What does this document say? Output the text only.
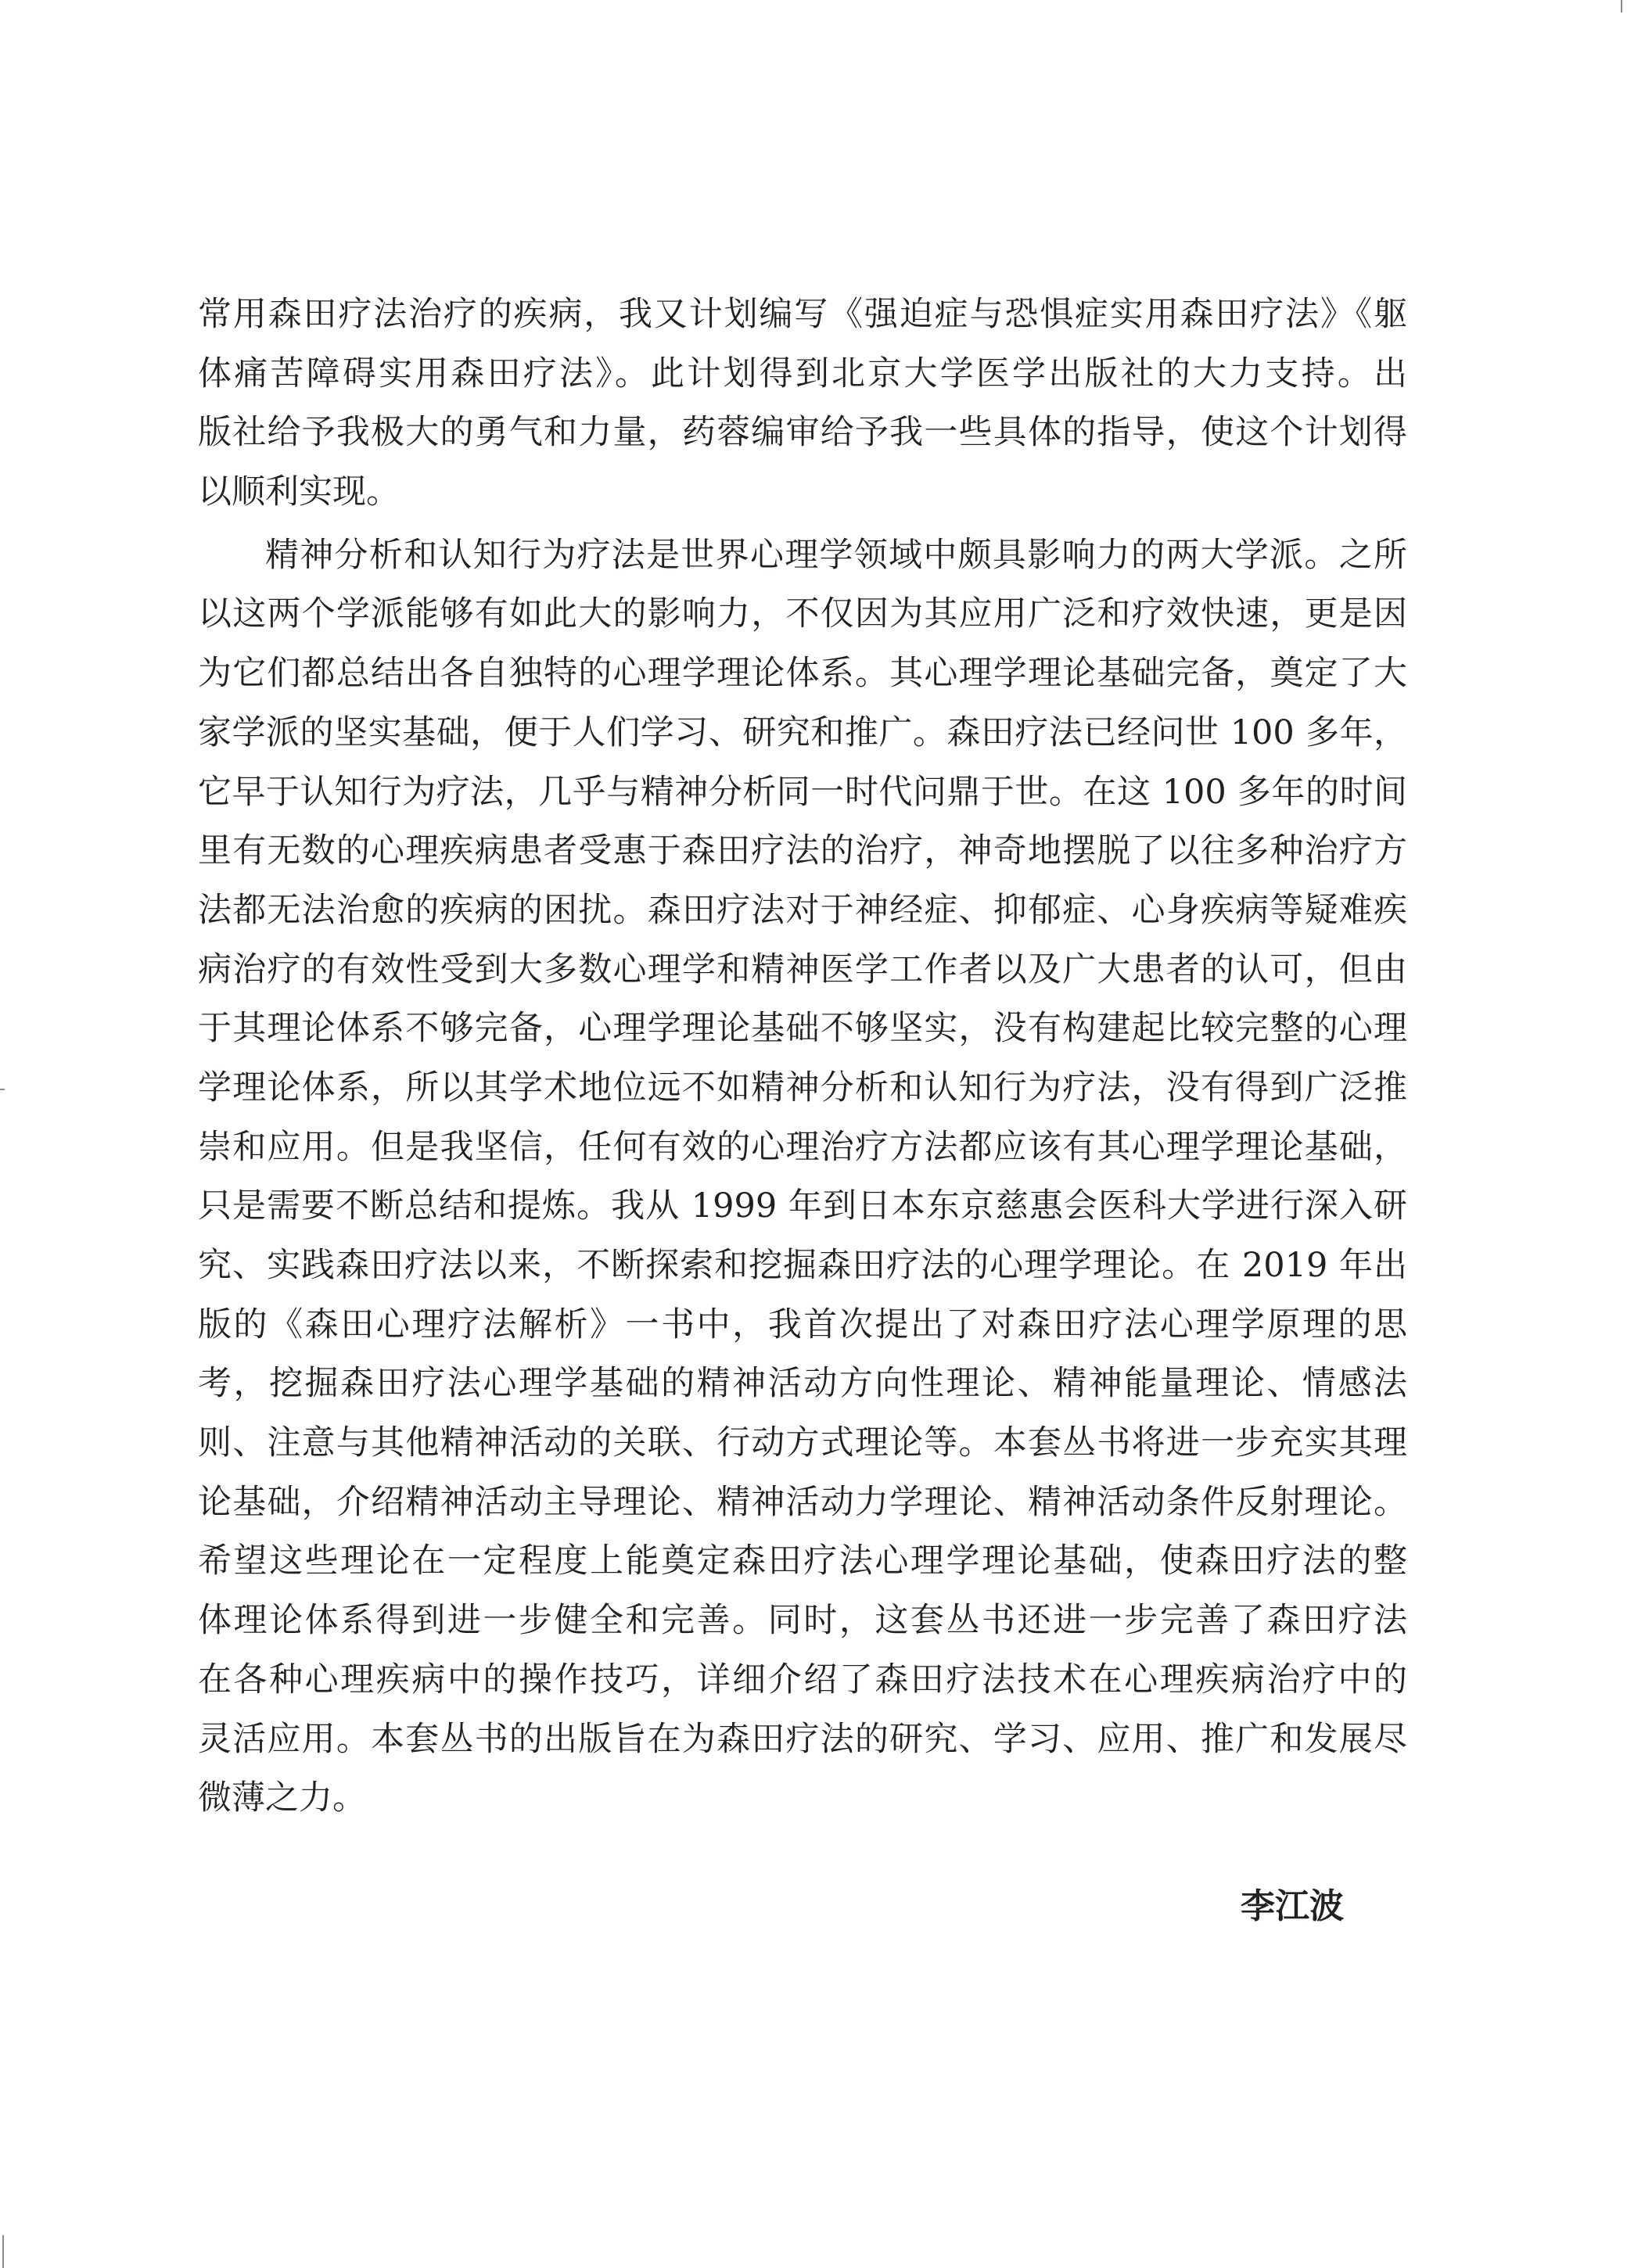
常用森田疗法治疗的疾病，我又计划编写《强迫症与恐惧症实用森田疗法》《躯
体痛苦障碍实用森田疗法》。此计划得到北京大学医学出版社的大力支持。出
版社给予我极大的勇气和力量，药蓉编审给予我一些具体的指导，使这个计划得
以顺利实现。
精神分析和认知行为疗法是世界心理学领域中颇具影响力的两大学派。之所
以这两个学派能够有如此大的影响力，不仅因为其应用广泛和疗效快速，更是因
为它们都总结出各自独特的心理学理论体系。其心理学理论基础完备，奠定了大
家学派的坚实基础，便于人们学习、研究和推广。森田疗法已经问世 100 多年，
它早于认知行为疗法，几乎与精神分析同一时代问鼎于世。在这 100 多年的时间
里有无数的心理疾病患者受惠于森田疗法的治疗，神奇地摆脱了以往多种治疗方
法都无法治愈的疾病的困扰。森田疗法对于神经症、抑郁症、心身疾病等疑难疾
病治疗的有效性受到大多数心理学和精神医学工作者以及广大患者的认可，但由
于其理论体系不够完备，心理学理论基础不够坚实，没有构建起比较完整的心理
学理论体系，所以其学术地位远不如精神分析和认知行为疗法，没有得到广泛推
崇和应用。但是我坚信，任何有效的心理治疗方法都应该有其心理学理论基础，
只是需要不断总结和提炼。我从 1999 年到日本东京慈惠会医科大学进行深入研
究、实践森田疗法以来，不断探索和挖掘森田疗法的心理学理论。在 2019 年出
版的《森田心理疗法解析》一书中，我首次提出了对森田疗法心理学原理的思
考，挖掘森田疗法心理学基础的精神活动方向性理论、精神能量理论、情感法
则、注意与其他精神活动的关联、行动方式理论等。本套丛书将进一步充实其理
论基础，介绍精神活动主导理论、精神活动力学理论、精神活动条件反射理论。
希望这些理论在一定程度上能奠定森田疗法心理学理论基础，使森田疗法的整
体理论体系得到进一步健全和完善。同时，这套丛书还进一步完善了森田疗法
在各种心理疾病中的操作技巧，详细介绍了森田疗法技术在心理疾病治疗中的
灵活应用。本套丛书的出版旨在为森田疗法的研究、学习、应用、推广和发展尽
微薄之力。
李江波
